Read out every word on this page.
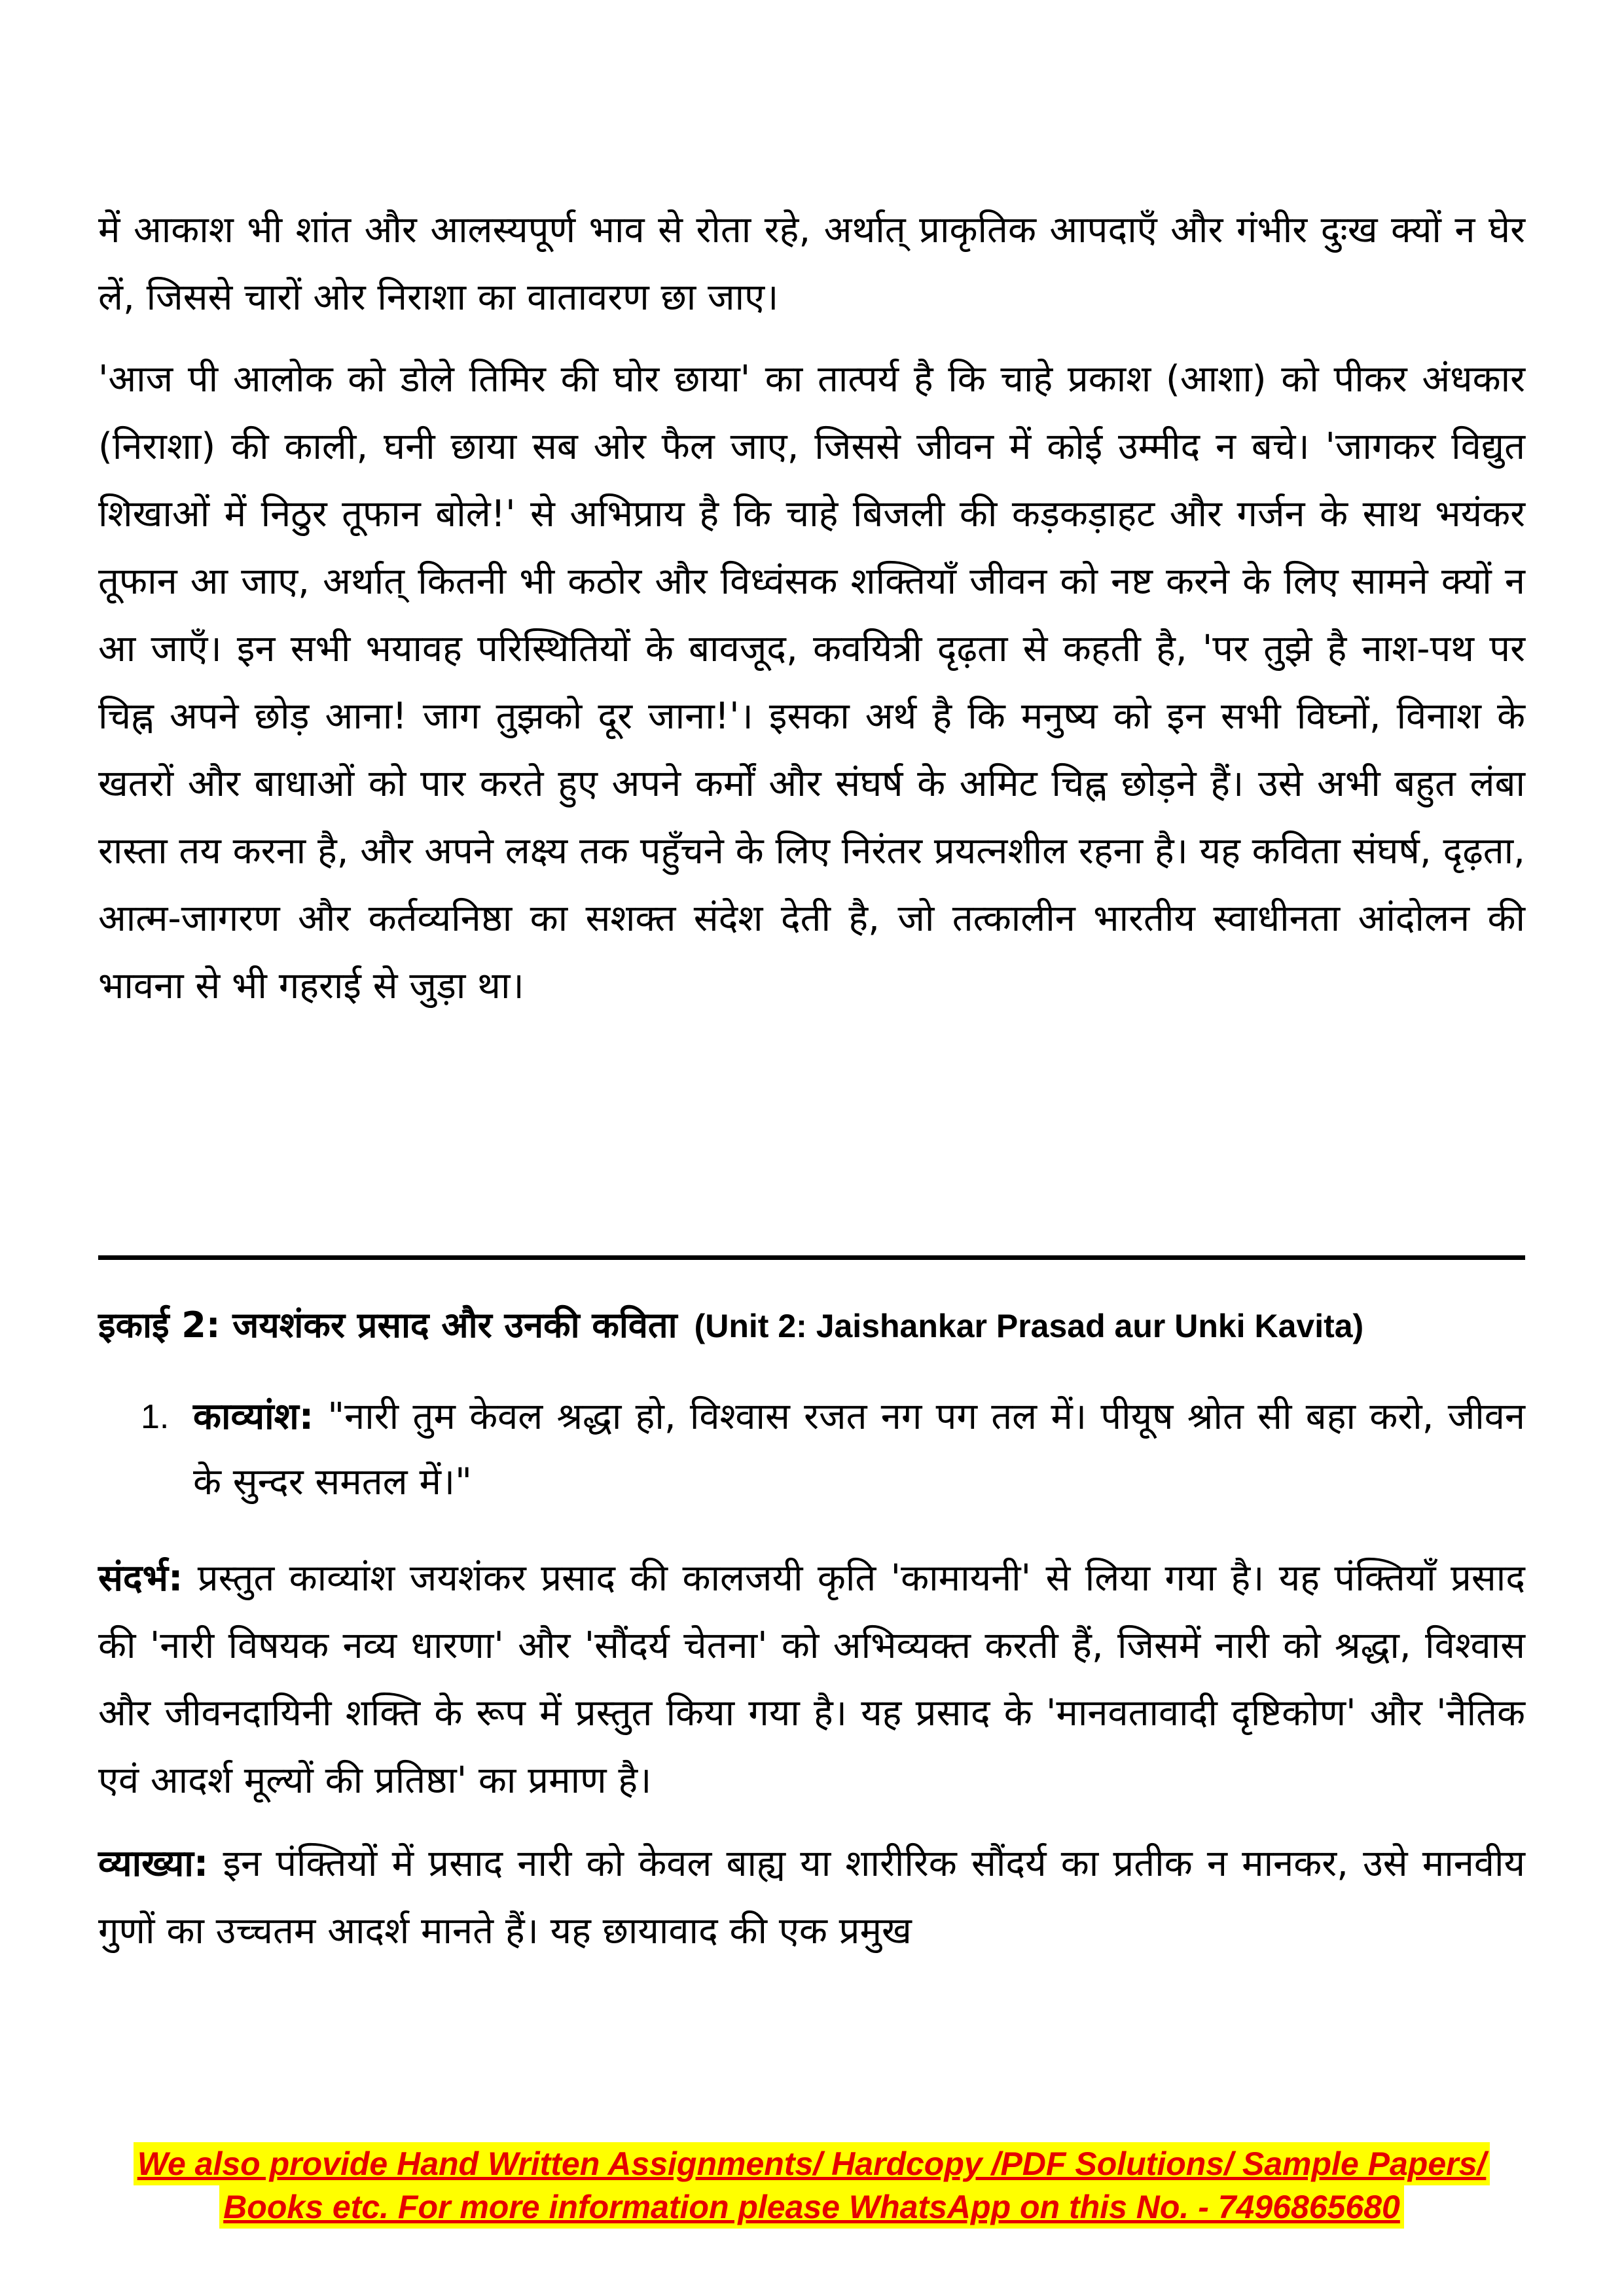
में आकाश भी शांत और आलस्यपूर्ण भाव से रोता रहे, अर्थात् प्राकृतिक आपदाएँ और गंभीर दुःख क्यों न घेर लें, जिससे चारों ओर निराशा का वातावरण छा जाए।

'आज पी आलोक को डोले तिमिर की घोर छाया' का तात्पर्य है कि चाहे प्रकाश (आशा) को पीकर अंधकार (निराशा) की काली, घनी छाया सब ओर फैल जाए, जिससे जीवन में कोई उम्मीद न बचे। 'जागकर विद्युत शिखाओं में निठुर तूफान बोले!' से अभिप्राय है कि चाहे बिजली की कड़कड़ाहट और गर्जन के साथ भयंकर तूफान आ जाए, अर्थात् कितनी भी कठोर और विध्वंसक शक्तियाँ जीवन को नष्ट करने के लिए सामने क्यों न आ जाएँ। इन सभी भयावह परिस्थितियों के बावजूद, कवयित्री दृढ़ता से कहती है, 'पर तुझे है नाश-पथ पर चिह्न अपने छोड़ आना! जाग तुझको दूर जाना!'। इसका अर्थ है कि मनुष्य को इन सभी विघ्नों, विनाश के खतरों और बाधाओं को पार करते हुए अपने कर्मों और संघर्ष के अमिट चिह्न छोड़ने हैं। उसे अभी बहुत लंबा रास्ता तय करना है, और अपने लक्ष्य तक पहुँचने के लिए निरंतर प्रयत्नशील रहना है। यह कविता संघर्ष, दृढ़ता, आत्म-जागरण और कर्तव्यनिष्ठा का सशक्त संदेश देती है, जो तत्कालीन भारतीय स्वाधीनता आंदोलन की भावना से भी गहराई से जुड़ा था।

इकाई 2: जयशंकर प्रसाद और उनकी कविता (Unit 2: Jaishankar Prasad aur Unki Kavita)
1. काव्यांश: "नारी तुम केवल श्रद्धा हो, विश्वास रजत नग पग तल में। पीयूष श्रोत सी बहा करो, जीवन के सुन्दर समतल में।"

संदर्भ: प्रस्तुत काव्यांश जयशंकर प्रसाद की कालजयी कृति 'कामायनी' से लिया गया है। यह पंक्तियाँ प्रसाद की 'नारी विषयक नव्य धारणा' और 'सौंदर्य चेतना' को अभिव्यक्त करती हैं, जिसमें नारी को श्रद्धा, विश्वास और जीवनदायिनी शक्ति के रूप में प्रस्तुत किया गया है। यह प्रसाद के 'मानवतावादी दृष्टिकोण' और 'नैतिक एवं आदर्श मूल्यों की प्रतिष्ठा' का प्रमाण है।

व्याख्या: इन पंक्तियों में प्रसाद नारी को केवल बाह्य या शारीरिक सौंदर्य का प्रतीक न मानकर, उसे मानवीय गुणों का उच्चतम आदर्श मानते हैं। यह छायावाद की एक प्रमुख

We also provide Hand Written Assignments/ Hardcopy /PDF Solutions/ Sample Papers/
Books etc. For more information please WhatsApp on this No. - 7496865680
